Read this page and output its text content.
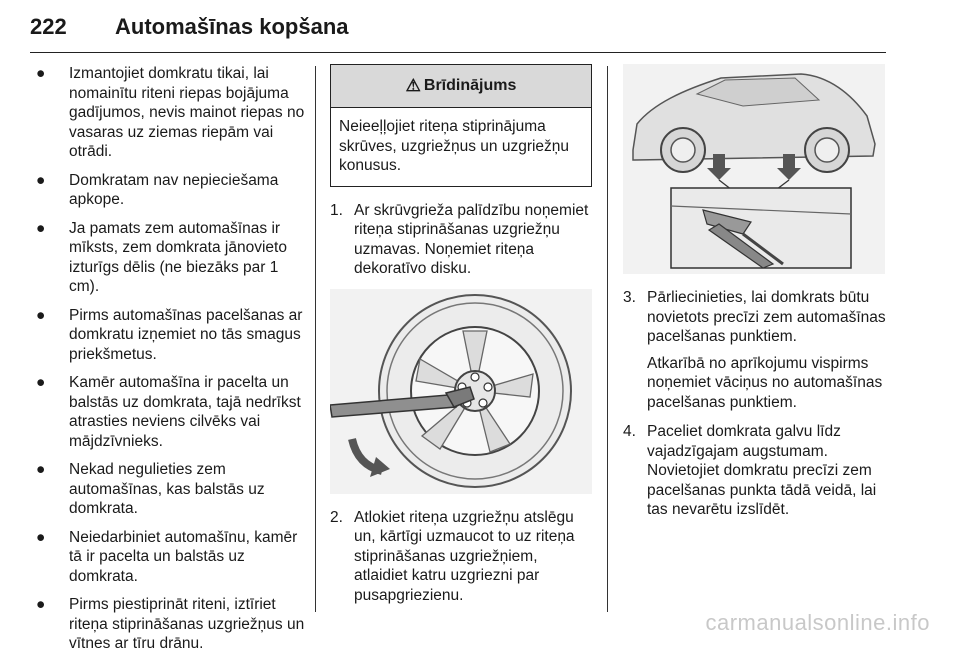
222 Automašīnas kopšana
● Izmantojiet domkratu tikai, lai nomainītu riteni riepas bojājuma gadījumos, nevis mainot riepas no vasaras uz ziemas riepām vai otrādi.
● Domkratam nav nepieciešama apkope.
● Ja pamats zem automašīnas ir mīksts, zem domkrata jānovieto izturīgs dēlis (ne biezāks par 1 cm).
● Pirms automašīnas pacelšanas ar domkratu izņemiet no tās smagus priekšmetus.
● Kamēr automašīna ir pacelta un balstās uz domkrata, tajā nedrīkst atrasties neviens cilvēks vai mājdzīvnieks.
● Nekad negulieties zem automašīnas, kas balstās uz domkrata.
● Neiedarbiniet automašīnu, kamēr tā ir pacelta un balstās uz domkrata.
● Pirms piestiprināt riteni, iztīriet riteņa stiprināšanas uzgriežņus un vītnes ar tīru drānu.
⚠ Brīdinājums
Neieeļļojiet riteņa stiprinājuma skrūves, uzgriežņus un uzgriežņu konusus.
1. Ar skrūvgrieža palīdzību noņemiet riteņa stiprināšanas uzgriežņu uzmavas. Noņemiet riteņa dekoratīvo disku.

2. Atlokiet riteņa uzgriežņu atslēgu un, kārtīgi uzmaucot to uz riteņa stiprināšanas uzgriežņiem, atlaidiet katru uzgriezni par pusapgriezienu.

3. Pārliecinieties, lai domkrats būtu novietots precīzi zem automašīnas pacelšanas punktiem.

Atkarībā no aprīkojumu vispirms noņemiet vāciņus no automašīnas pacelšanas punktiem.

4. Paceliet domkrata galvu līdz vajadzīgajam augstumam. Novietojiet domkratu precīzi zem pacelšanas punkta tādā veidā, lai tas nevarētu izslīdēt.

carmanualsonline.info
